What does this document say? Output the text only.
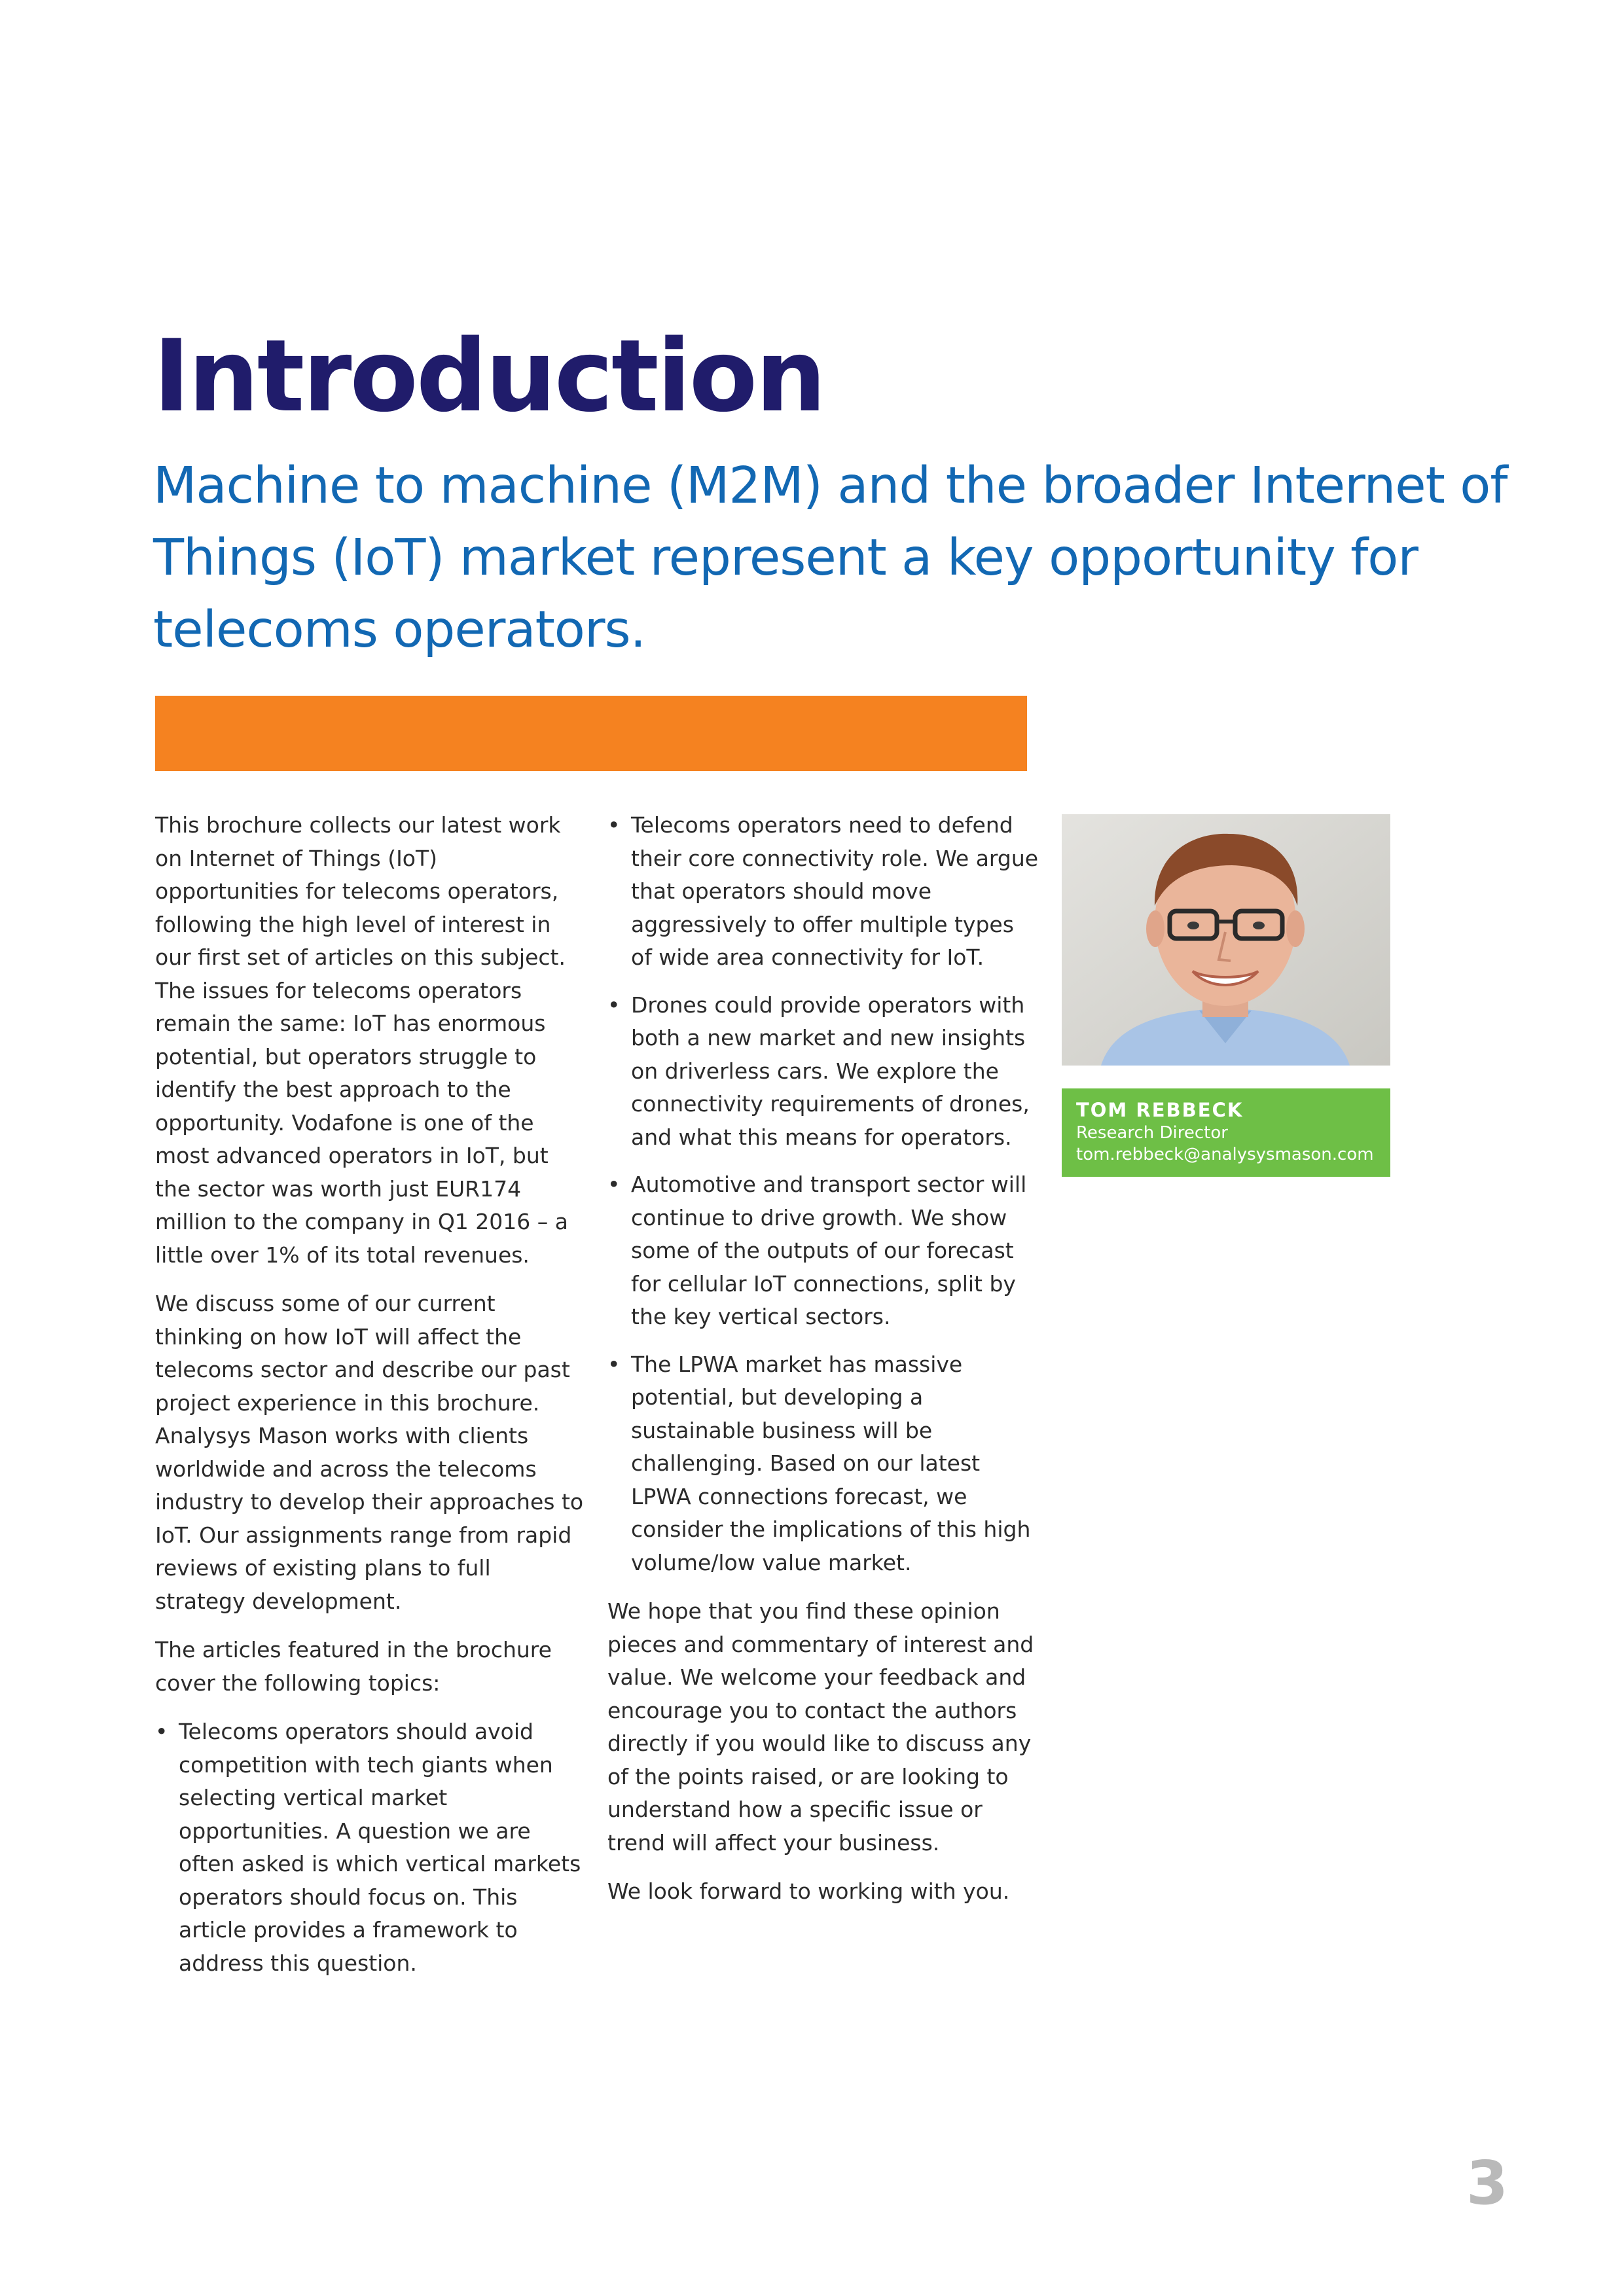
Introduction
Machine to machine (M2M) and the broader Internet of Things (IoT) market represent a key opportunity for telecoms operators.

This brochure collects our latest work on Internet of Things (IoT) opportunities for telecoms operators, following the high level of interest in our first set of articles on this subject. The issues for telecoms operators remain the same: IoT has enormous potential, but operators struggle to identify the best approach to the opportunity. Vodafone is one of the most advanced operators in IoT, but the sector was worth just EUR174 million to the company in Q1 2016 – a little over 1% of its total revenues.

We discuss some of our current thinking on how IoT will affect the telecoms sector and describe our past project experience in this brochure. Analysys Mason works with clients worldwide and across the telecoms industry to develop their approaches to IoT. Our assignments range from rapid reviews of existing plans to full strategy development.

The articles featured in the brochure cover the following topics:

• Telecoms operators should avoid competition with tech giants when selecting vertical market opportunities. A question we are often asked is which vertical markets operators should focus on. This article provides a framework to address this question.
• Telecoms operators need to defend their core connectivity role. We argue that operators should move aggressively to offer multiple types of wide area connectivity for IoT.
• Drones could provide operators with both a new market and new insights on driverless cars. We explore the connectivity requirements of drones, and what this means for operators.
• Automotive and transport sector will continue to drive growth. We show some of the outputs of our forecast for cellular IoT connections, split by the key vertical sectors.
• The LPWA market has massive potential, but developing a sustainable business will be challenging. Based on our latest LPWA connections forecast, we consider the implications of this high volume/low value market.

We hope that you find these opinion pieces and commentary of interest and value. We welcome your feedback and encourage you to contact the authors directly if you would like to discuss any of the points raised, or are looking to understand how a specific issue or trend will affect your business.

We look forward to working with you.

TOM REBBECK
Research Director
tom.rebbeck@analysysmason.com
3
